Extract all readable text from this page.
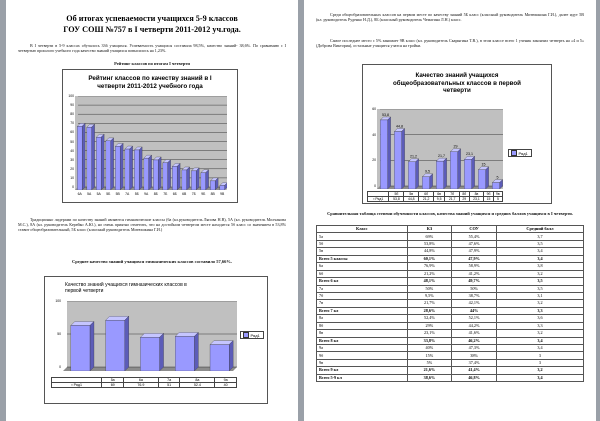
Об итогах успеваемости учащихся 5-9 классов
ГОУ СОШ №757 в I четверти 2011-2012 уч.года.
В I четверти в 5-9 классах обучалось 336 учащихся. Успеваемость учащихся составила 98,5%, качество знаний- 38,6%. По сравнению с I четвертью прошлого учебного года качество знаний учащихся повысилось на 1,23%.
Рейтинг классов по итогам I четверти
Рейтинг классов по качеству знаний в I четверти 2011-2012 учебного года
100
90
80
70
60
50
40
30
20
10
0
6А	5А	5А	5Б	5В	7А	5Б	9А	8Б	7Б	6Б	6В	7Б	9Б	8В	9В
Традиционно лидерами по качеству знаний являются гимназические классы (6а (кл.руководитель Ляпова Н.В), 5А (кл. руководитель Молчанова М.С.), 8А (кл. руководитель Керейко А.Ю.), но очень приятно отметить, что на достойном четвертом месте находится 5б класс со значением в 53,8% ставит общеобразовательный, 5Б класс (классный руководитель Митюшкина Г.И.)
Среднее качество знаний учащихся гимназических классов составило 57,66%.
Качество знаний учащихся гимназических классов в первой четверти
100
50
0
Ряд1
	5а	6а	7а	8а	9а
▪ Ряд1	69	76.9	51	52.4	40
Среди общеобразовательных классов на первом месте по качеству знаний 5Б класс (классный руководитель Митюшкина Г.И.), далее идут 5В (кл. руководитель Руденко Н.Д.), 8Б (классный руководитель Чемагина Л.Н.) класс.
Самое последнее место с 5% занимает 9В класс (кл. руководитель Скарыгина Т.В.), в этом классе всего 1 ученик закончил четверть на «4 и 5» (Доброва Виктория), остальные учащиеся учатся на тройки.
Качество знаний учащихся общеобразовательных классов в первой четверти
53,8
44,8
21,2
9,5
21,7
29
23,1
15
5
60
40
20
0
Ряд1
	5б	5в	6б	6в	7б	8б	8в	9б	9в
▪ Ряд1	53,8	44,8	21,2	9,5	21,7	29	23,1	15	5
Сравнительная таблица степени обученности классов, качества знаний учащихся и средних баллов учащихся в I четверти.
Класс	КЗ	СОУ	Средний балл
5а	69%	55,4%	3,7
5б	53,8%	47,6%	3,5
5в	44,8%	47,9%	3,4
Всего 5 классы	60,1%	47,9%	3,4
6а	76,9%	58,9%	3,8
6б	21,2%	41,2%	3,2
Всего 6 кл	48,1%	49,7%	3,5
7а	50%	50%	3,5
7б	9,5%	38,7%	3,1
7в	21,7%	42,1%	3,2
Всего 7 кл	28,6%	44%	3,3
8а	52,4%	52,1%	3,6
8б	29%	44,2%	3,3
8в	23,1%	41,6%	3,2
Всего 8 кл	33,8%	46,2%	3,4
9а	40%	47,3%	3,4
9б	15%	38%	3
9в	5%	37,4%	3
Всего 9 кл	21,6%	41,4%	3,2
Всего 5-9 кл	38,6%	46,8%	3,4
